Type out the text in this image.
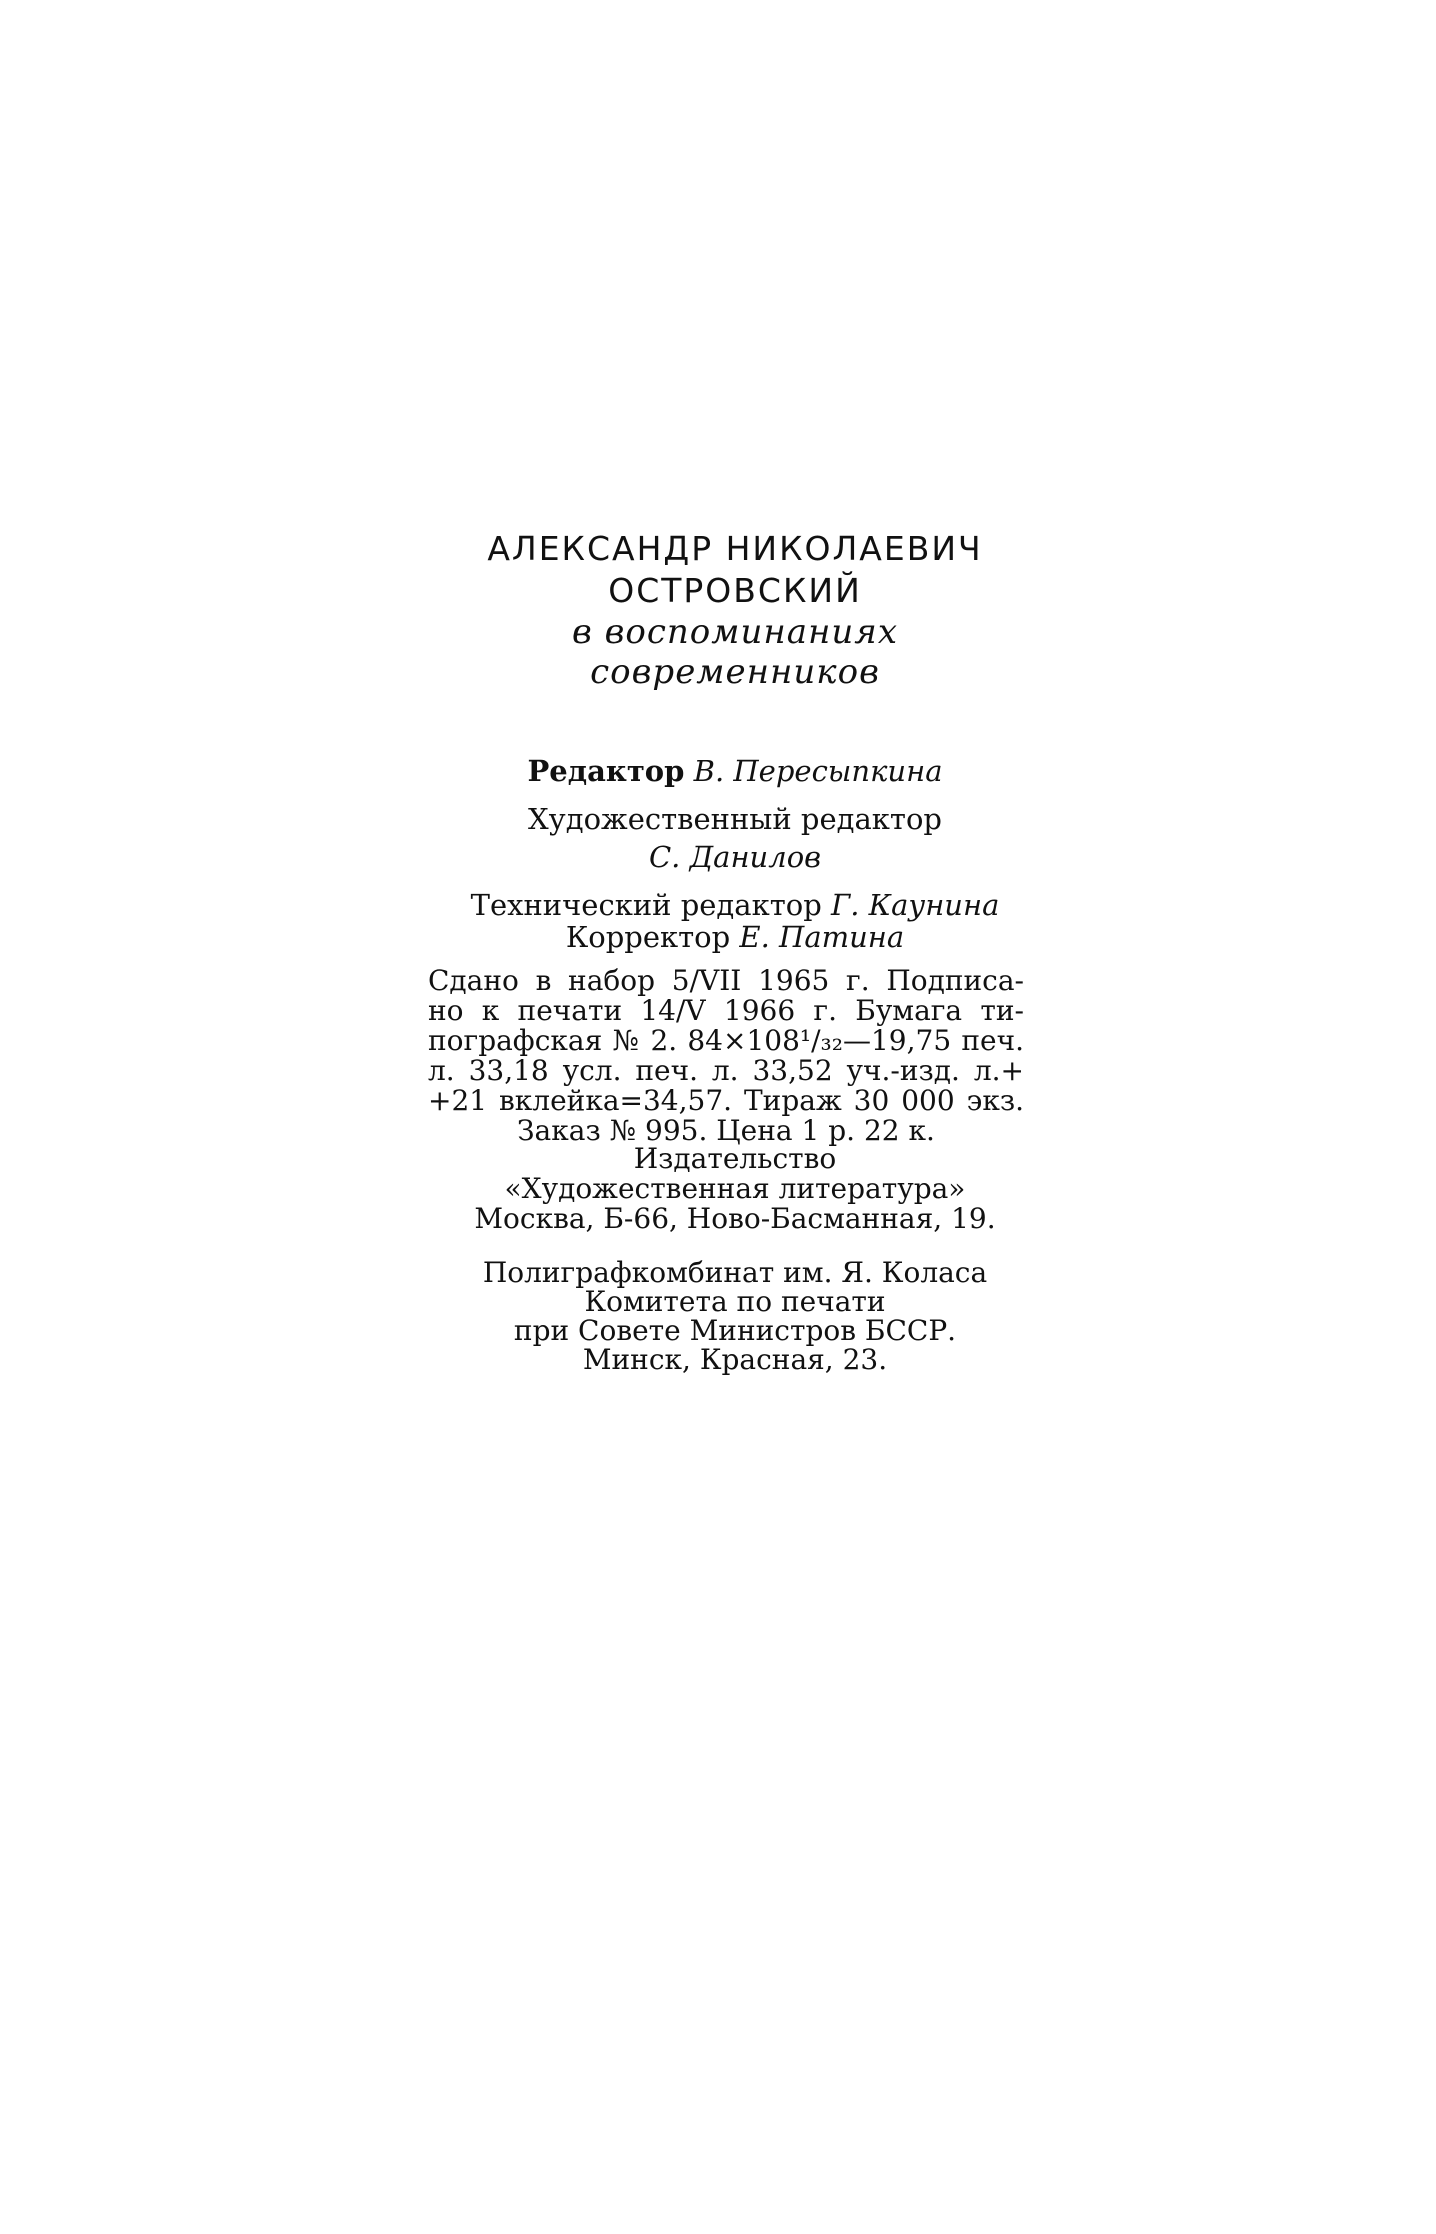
АЛЕКСАНДР НИКОЛАЕВИЧ
ОСТРОВСКИЙ
в воспоминаниях современников
Редактор В. Пересыпкина
Художественный редактор
С. Данилов
Технический редактор Г. Каунина
Корректор Е. Патина
Сдано в набор 5/VII 1965 г. Подписа-
но к печати 14/V 1966 г. Бумага ти-
пографская № 2. 84×108¹/₃₂—19,75 печ.
л. 33,18 усл. печ. л. 33,52 уч.-изд. л.+
+21 вклейка=34,57. Тираж 30 000 экз.
Заказ № 995. Цена 1 р. 22 к.
Издательство
«Художественная литература»
Москва, Б-66, Ново-Басманная, 19.
Полиграфкомбинат им. Я. Коласа
Комитета по печати
при Совете Министров БССР.
Минск, Красная, 23.
